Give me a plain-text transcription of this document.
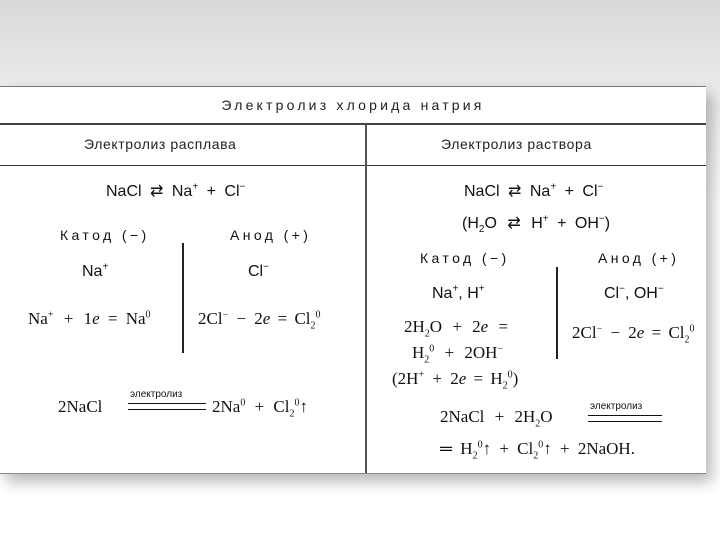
Электролиз хлорида натрия
Электролиз расплава	Электролиз раствора
NaCl ⇄ Na+ + Cl−
Катод (−)	Анод (+)
Na+	Cl−
$Na^+ + 1e = Na^0$	$2Cl^- - 2e = Cl_2^0$
2NaCl
электролиз
$2Na^0$ + $Cl_2^0↑$
NaCl ⇄ Na+ + Cl−
($H_2O$ ⇄ H+ + OH−)
Катод (−)	Анод (+)
Na+, H+	Cl−, OH−
$2H_2O + 2e$ =
$H_2^0 + 2OH^-$
$(2H^+ + 2e = H_2^0)$
$2Cl^- - 2e = Cl_2^0$
2NaCl + $2H_2O$
электролиз
═ $H_2^0↑$ + $Cl_2^0↑$ + 2NaOH.
